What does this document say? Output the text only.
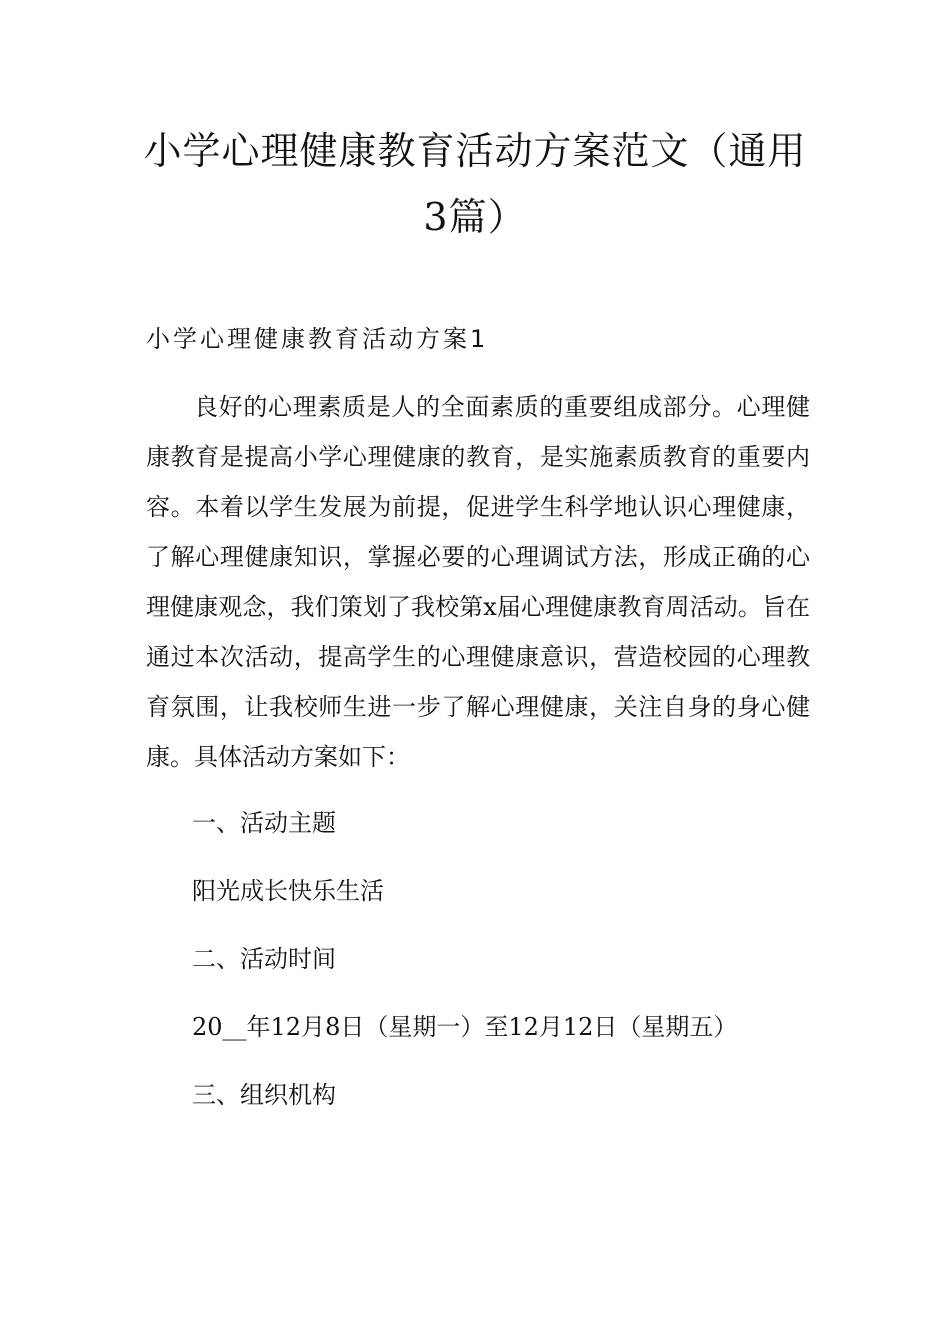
小学心理健康教育活动方案范文（通用3篇）
小学心理健康教育活动方案1

良好的心理素质是人的全面素质的重要组成部分。心理健康教育是提高小学心理健康的教育，是实施素质教育的重要内容。本着以学生发展为前提，促进学生科学地认识心理健康，了解心理健康知识，掌握必要的心理调试方法，形成正确的心理健康观念，我们策划了我校第x届心理健康教育周活动。旨在通过本次活动，提高学生的心理健康意识，营造校园的心理教育氛围，让我校师生进一步了解心理健康，关注自身的身心健康。具体活动方案如下：

一、活动主题

阳光成长快乐生活

二、活动时间

20__年12月8日（星期一）至12月12日（星期五）

三、组织机构
